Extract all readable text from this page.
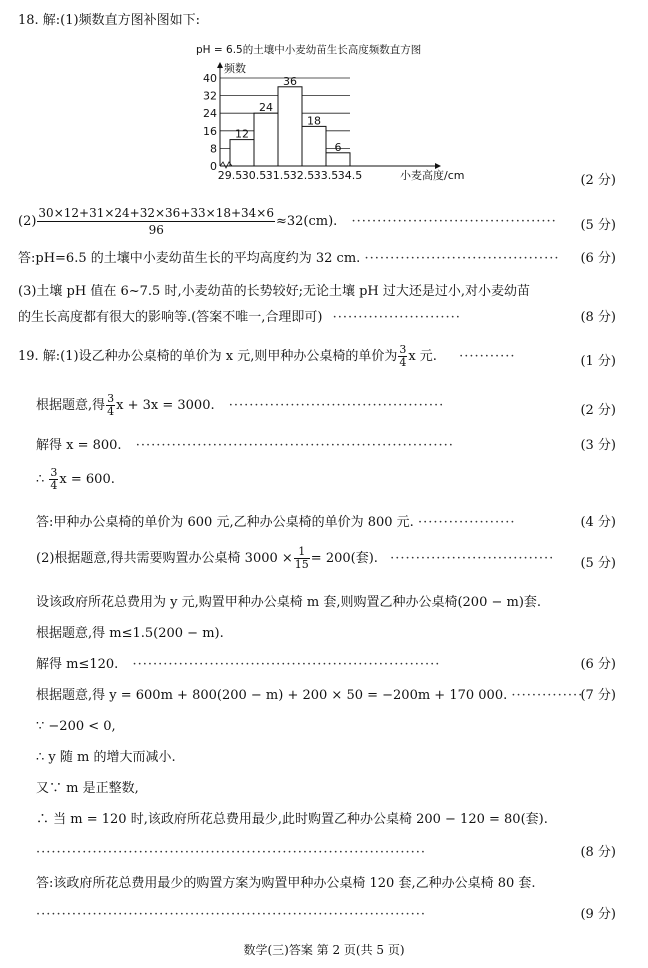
18. 解:(1)频数直方图补图如下:
pH = 6.5的土壤中小麦幼苗生长高度频数直方图
0
8
16
24
32
40
12
24
36
18
6
29.5 30.5 31.5 32.5 33.5 34.5
频数
小麦高度/cm	(2 分)
$(2) \frac{30\times 12+31\times 24+32\times 36+33\times 18+34\times 6}{96} \approx 32(cm)$. ········································ (5 分)
答:pH=6.5 的土壤中小麦幼苗生长的平均高度约为 32 cm. ······································ (6 分)
(3)土壤 pH 值在 6~7.5 时,小麦幼苗的长势较好;无论土壤 pH 过大还是过小,对小麦幼苗
的生长高度都有很大的影响等.(答案不唯一,合理即可) ·························	(8 分)
19. 解:(1)设乙种办公桌椅的单价为 x 元,则甲种办公桌椅的单价为 $\frac{3}{4}$ x 元. ···········	(1 分)
根据题意,得 $\frac{3}{4}$ x + 3x = 3000. ··········································	(2 分)
解得 x = 800. ······························································	(3 分)
∴ $\frac{3}{4}$ x = 600.
答:甲种办公桌椅的单价为 600 元,乙种办公桌椅的单价为 800 元. ···················	(4 分)
(2)根据题意,得共需要购置办公桌椅 $3000 \times \frac{1}{15} = 200$(套). ································ (5 分)
设该政府所花总费用为 y 元,购置甲种办公桌椅 m 套,则购置乙种办公桌椅(200 − m)套.
根据题意,得 m≤1.5(200 − m).
解得 m≤120. ····························································	(6 分)
根据题意,得 y = 600m + 800(200 − m) + 200 × 50 = −200m + 170 000. ··············
(7 分)
∵ −200 < 0,
∴ y 随 m 的增大而减小.
又∵ m 是正整数,
∴ 当 m = 120 时,该政府所花总费用最少,此时购置乙种办公桌椅 200 − 120 = 80(套).
············································································	(8 分)
答:该政府所花总费用最少的购置方案为购置甲种办公桌椅 120 套,乙种办公桌椅 80 套.
············································································	(9 分)
数学(三)答案 第 2 页(共 5 页)
